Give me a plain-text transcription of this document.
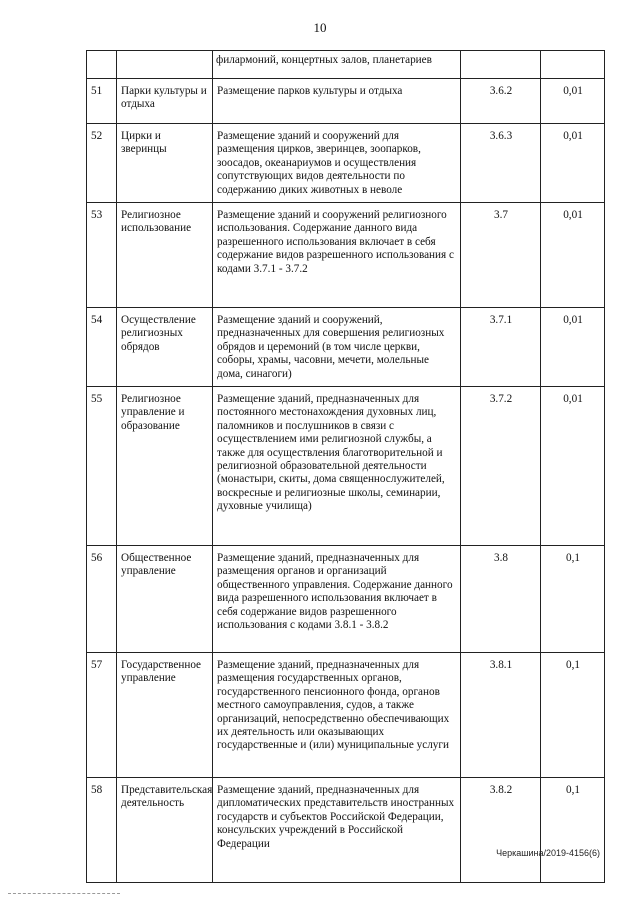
10
		филармоний, концертных залов, планетариев		
51	Парки культуры и отдыха	Размещение парков культуры и отдыха	3.6.2	0,01
52	Цирки и зверинцы	Размещение зданий и сооружений для размещения цирков, зверинцев, зоопарков, зоосадов, океанариумов и осуществления сопутствующих видов деятельности по содержанию диких животных в неволе	3.6.3	0,01
53	Религиозное использование	Размещение зданий и сооружений религиозного использования. Содержание данного вида разрешенного использования включает в себя содержание видов разрешенного использования с кодами 3.7.1 - 3.7.2	3.7	0,01
54	Осуществление религиозных обрядов	Размещение зданий и сооружений, предназначенных для совершения религиозных обрядов и церемоний (в том числе церкви, соборы, храмы, часовни, мечети, молельные дома, синагоги)	3.7.1	0,01
55	Религиозное управление и образование	Размещение зданий, предназначенных для постоянного местонахождения духовных лиц, паломников и послушников в связи с осуществлением ими религиозной службы, а также для осуществления благотворительной и религиозной образовательной деятельности (монастыри, скиты, дома священнослужителей, воскресные и религиозные школы, семинарии, духовные училища)	3.7.2	0,01
56	Общественное управление	Размещение зданий, предназначенных для размещения органов и организаций общественного управления. Содержание данного вида разрешенного использования включает в себя содержание видов разрешенного использования с кодами 3.8.1 - 3.8.2	3.8	0,1
57	Государственное управление	Размещение зданий, предназначенных для размещения государственных органов, государственного пенсионного фонда, органов местного самоуправления, судов, а также организаций, непосредственно обеспечивающих их деятельность или оказывающих государственные и (или) муниципальные услуги	3.8.1	0,1
58	Представительская деятельность	Размещение зданий, предназначенных для дипломатических представительств иностранных государств и субъектов Российской Федерации, консульских учреждений в Российской Федерации	3.8.2	0,1
Черкашина/2019-4156(6)
